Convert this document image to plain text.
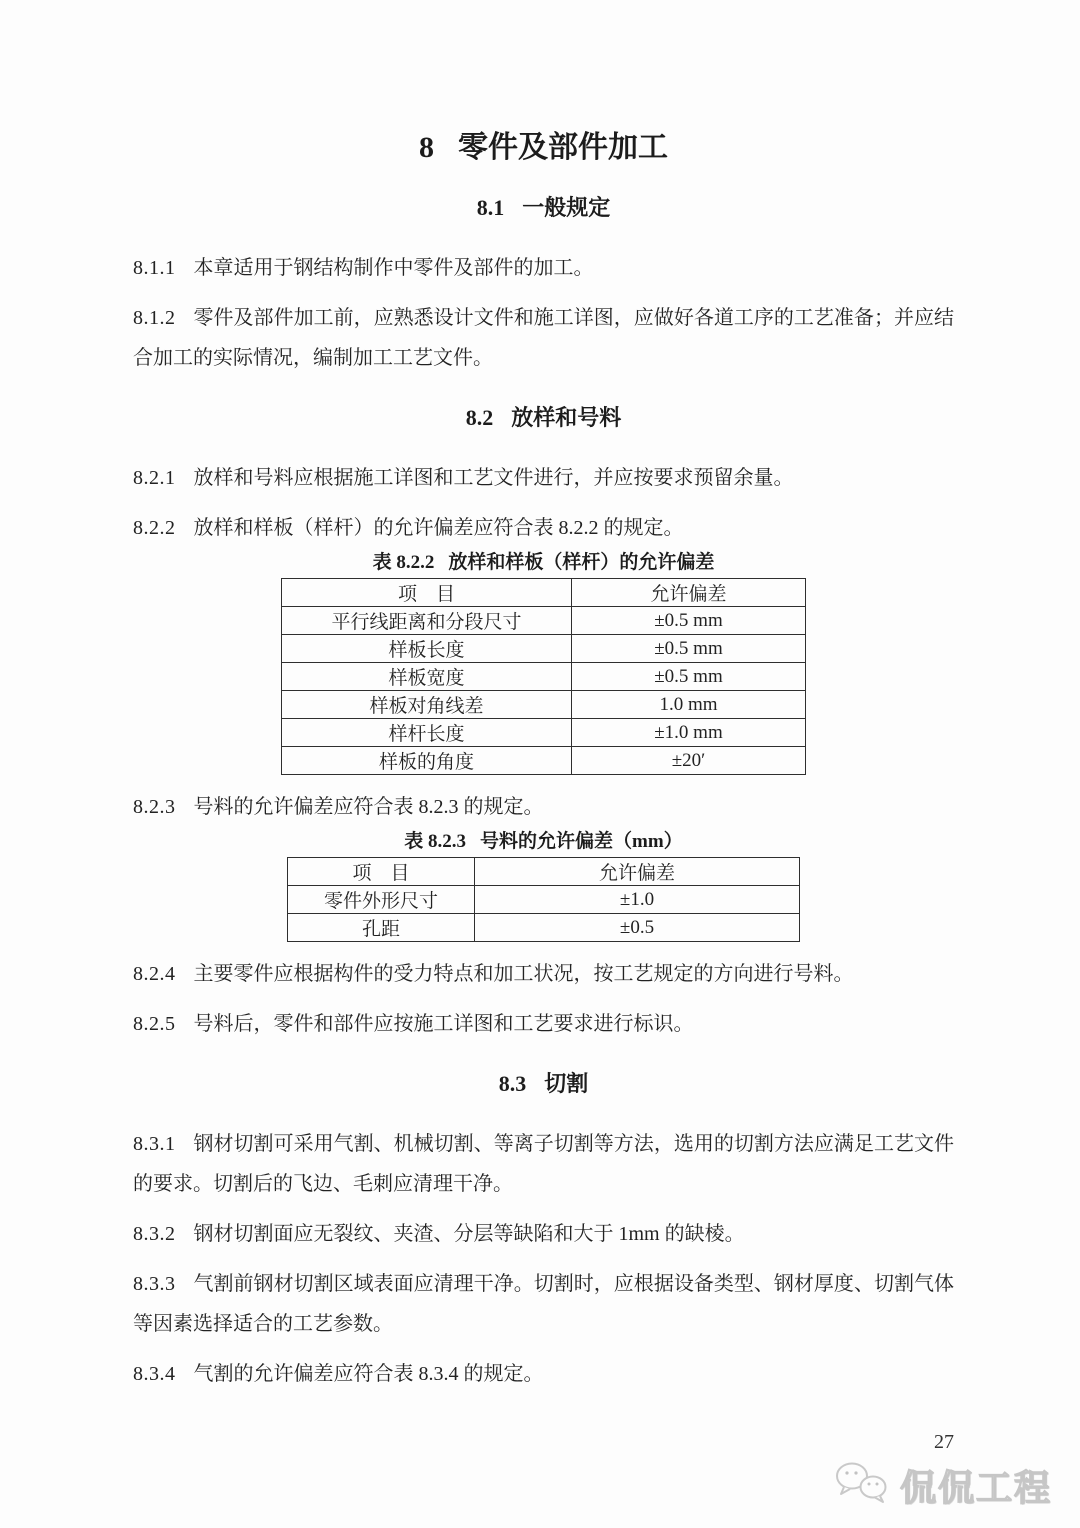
8 零件及部件加工
8.1 一般规定

8.1.1 本章适用于钢结构制作中零件及部件的加工。

8.1.2 零件及部件加工前，应熟悉设计文件和施工详图，应做好各道工序的工艺准备；并应结合加工的实际情况，编制加工工艺文件。

8.2 放样和号料

8.2.1 放样和号料应根据施工详图和工艺文件进行，并应按要求预留余量。

8.2.2 放样和样板（样杆）的允许偏差应符合表 8.2.2 的规定。

表 8.2.2 放样和样板（样杆）的允许偏差

项　目	允许偏差
平行线距离和分段尺寸	±0.5 mm
样板长度	±0.5 mm
样板宽度	±0.5 mm
样板对角线差	1.0 mm
样杆长度	±1.0 mm
样板的角度	±20′

8.2.3 号料的允许偏差应符合表 8.2.3 的规定。

表 8.2.3 号料的允许偏差（mm）

项　目	允许偏差
零件外形尺寸	±1.0
孔距	±0.5

8.2.4 主要零件应根据构件的受力特点和加工状况，按工艺规定的方向进行号料。

8.2.5 号料后，零件和部件应按施工详图和工艺要求进行标识。

8.3 切割

8.3.1 钢材切割可采用气割、机械切割、等离子切割等方法，选用的切割方法应满足工艺文件的要求。切割后的飞边、毛刺应清理干净。

8.3.2 钢材切割面应无裂纹、夹渣、分层等缺陷和大于 1mm 的缺棱。

8.3.3 气割前钢材切割区域表面应清理干净。切割时，应根据设备类型、钢材厚度、切割气体等因素选择适合的工艺参数。

8.3.4 气割的允许偏差应符合表 8.3.4 的规定。

27
侃侃工程
